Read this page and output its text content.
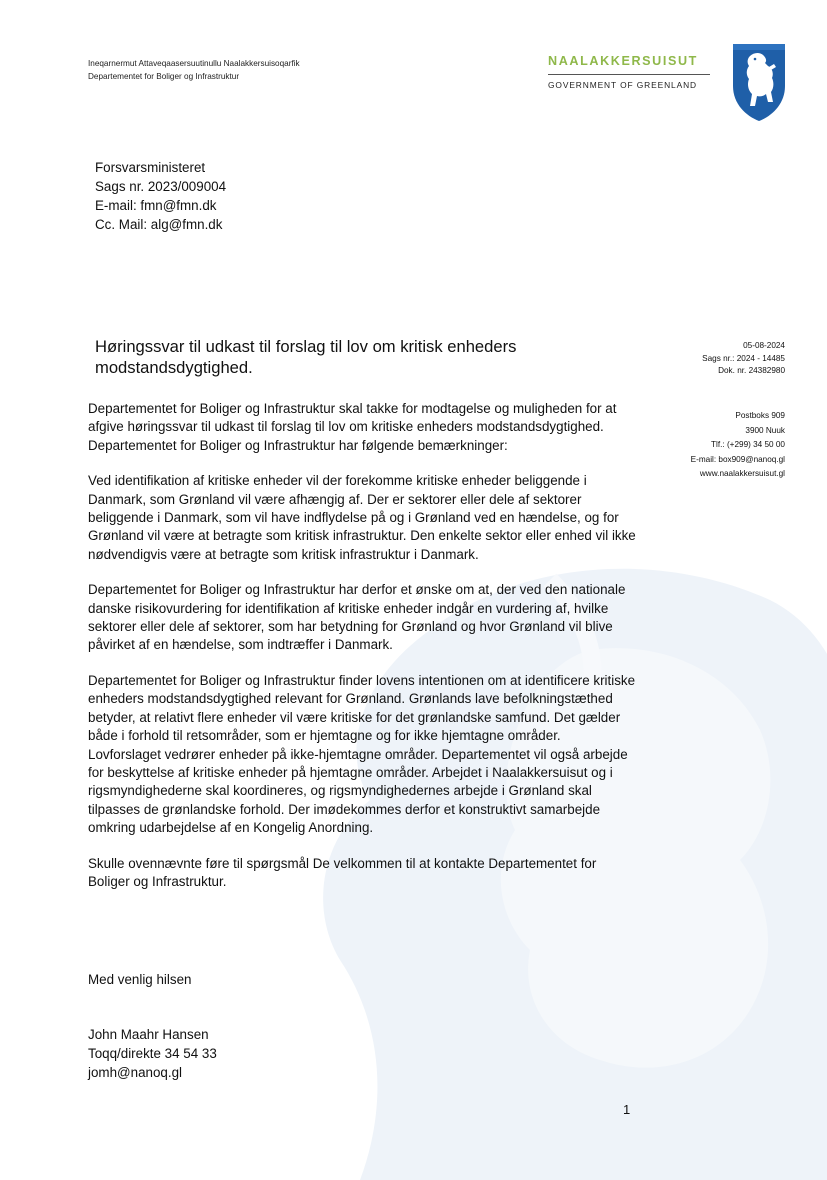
Ineqarnermut Attaveqaasersuutinullu Naalakkersuisoqarfik
Departementet for Boliger og Infrastruktur
NAALAKKERSUISUT
GOVERNMENT OF GREENLAND
Forsvarsministeret
Sags nr. 2023/009004
E-mail: fmn@fmn.dk
Cc. Mail: alg@fmn.dk
Høringssvar til udkast til forslag til lov om kritisk enheders modstandsdygtighed.
05-08-2024
Sags nr.: 2024 - 14485
Dok. nr. 24382980
Postboks 909
3900 Nuuk
Tlf.: (+299) 34 50 00
E-mail: box909@nanoq.gl
www.naalakkersuisut.gl

Departementet for Boliger og Infrastruktur skal takke for modtagelse og muligheden for at afgive høringssvar til udkast til forslag til lov om kritiske enheders modstandsdygtighed. Departementet for Boliger og Infrastruktur har følgende bemærkninger:

Ved identifikation af kritiske enheder vil der forekomme kritiske enheder beliggende i Danmark, som Grønland vil være afhængig af. Der er sektorer eller dele af sektorer beliggende i Danmark, som vil have indflydelse på og i Grønland ved en hændelse, og for Grønland vil være at betragte som kritisk infrastruktur. Den enkelte sektor eller enhed vil ikke nødvendigvis være at betragte som kritisk infrastruktur i Danmark.

Departementet for Boliger og Infrastruktur har derfor et ønske om at, der ved den nationale danske risikovurdering for identifikation af kritiske enheder indgår en vurdering af, hvilke sektorer eller dele af sektorer, som har betydning for Grønland og hvor Grønland vil blive påvirket af en hændelse, som indtræffer i Danmark.

Departementet for Boliger og Infrastruktur finder lovens intentionen om at identificere kritiske enheders modstandsdygtighed relevant for Grønland. Grønlands lave befolkningstæthed betyder, at relativt flere enheder vil være kritiske for det grønlandske samfund. Det gælder både i forhold til retsområder, som er hjemtagne og for ikke hjemtagne områder. Lovforslaget vedrører enheder på ikke-hjemtagne områder. Departementet vil også arbejde for beskyttelse af kritiske enheder på hjemtagne områder. Arbejdet i Naalakkersuisut og i rigsmyndighederne skal koordineres, og rigsmyndighedernes arbejde i Grønland skal tilpasses de grønlandske forhold. Der imødekommes derfor et konstruktivt samarbejde omkring udarbejdelse af en Kongelig Anordning.

Skulle ovennævnte føre til spørgsmål De velkommen til at kontakte Departementet for Boliger og Infrastruktur.

Med venlig hilsen
John Maahr Hansen
Toqq/direkte 34 54 33
jomh@nanoq.gl
1
